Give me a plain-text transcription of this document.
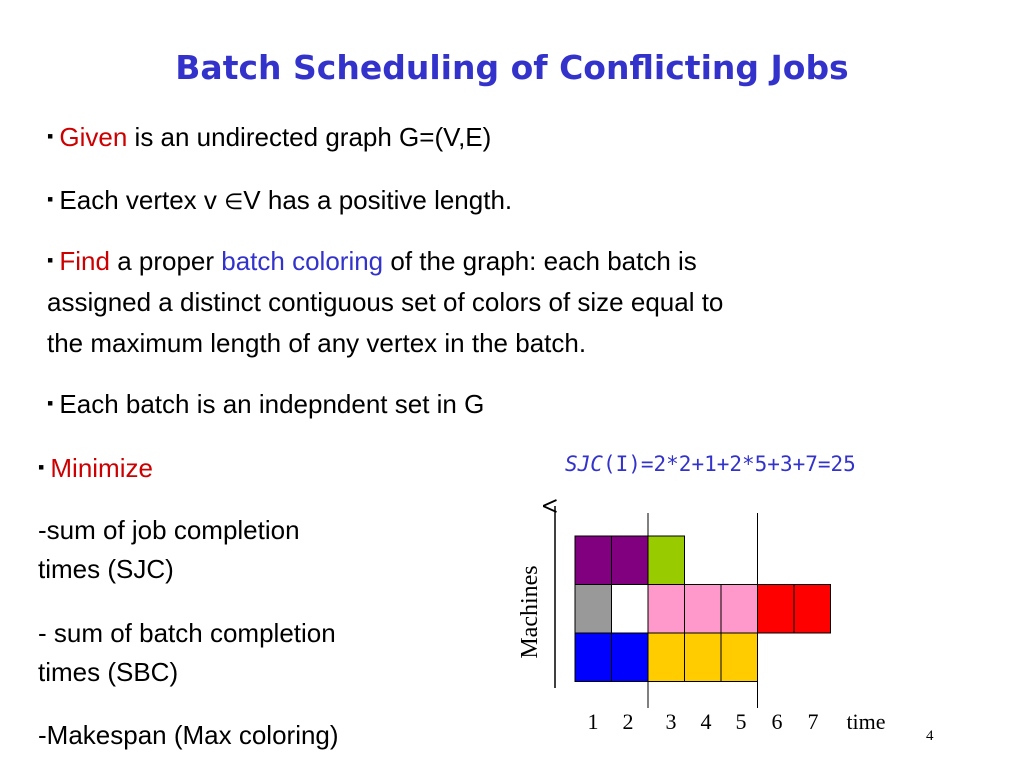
Batch Scheduling of Conflicting Jobs
▪ Given is an undirected graph G=(V,E)
▪ Each vertex v ∈V has a positive length.
▪ Find a proper batch coloring of the graph: each batch is
assigned a distinct contiguous set of colors of size equal to
the maximum length of any vertex in the batch.
▪ Each batch is an indepndent set in G
▪ Minimize
-sum of job completion
times (SJC)
- sum of batch completion
times (SBC)
-Makespan (Max coloring)
SJC(I)=2*2+1+2*5+3+7=25
1 2 3 4 5 6 7
Machines
time
4
